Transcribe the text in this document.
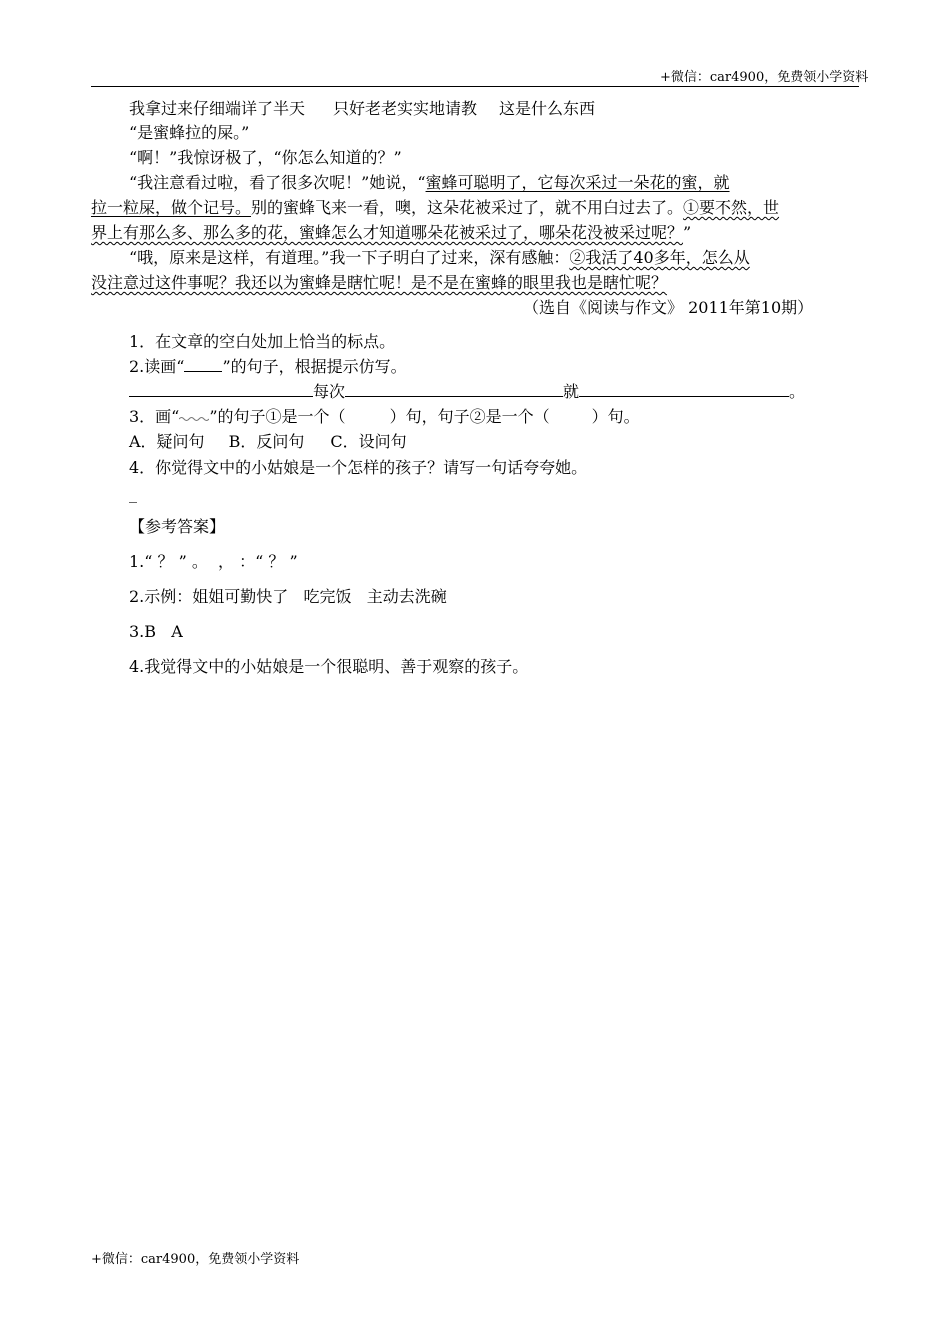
+微信：car4900，免费领小学资料
我拿过来仔细端详了半天 只好老老实实地请教 这是什么东西
“是蜜蜂拉的屎。”
“啊！”我惊讶极了，“你怎么知道的？”
“我注意看过啦，看了很多次呢！”她说，“蜜蜂可聪明了，它每次采过一朵花的蜜，就
拉一粒屎，做个记号。别的蜜蜂飞来一看，噢，这朵花被采过了，就不用白过去了。①要不然，世
界上有那么多、那么多的花，蜜蜂怎么才知道哪朵花被采过了，哪朵花没被采过呢？”
“哦，原来是这样，有道理。”我一下子明白了过来，深有感触：②我活了40多年，怎么从
没注意过这件事呢？我还以为蜜蜂是瞎忙呢！是不是在蜜蜂的眼里我也是瞎忙呢？
（选自《阅读与作文》 2011年第10期）
1．在文章的空白处加上恰当的标点。
2.读画“ ”的句子，根据提示仿写。
每次	就	。
3．画“ ”的句子①是一个（	）句，句子②是一个（	）句。
A．疑问句 B．反问句 C．设问句
4．你觉得文中的小姑娘是一个怎样的孩子？请写一句话夸夸她。
_
【参考答案】
1.“ ？ ” 。  ， ：“ ？ ”
2.示例：姐姐可勤快了   吃完饭   主动去洗碗
3.B   A
4.我觉得文中的小姑娘是一个很聪明、善于观察的孩子。
+微信：car4900，免费领小学资料
